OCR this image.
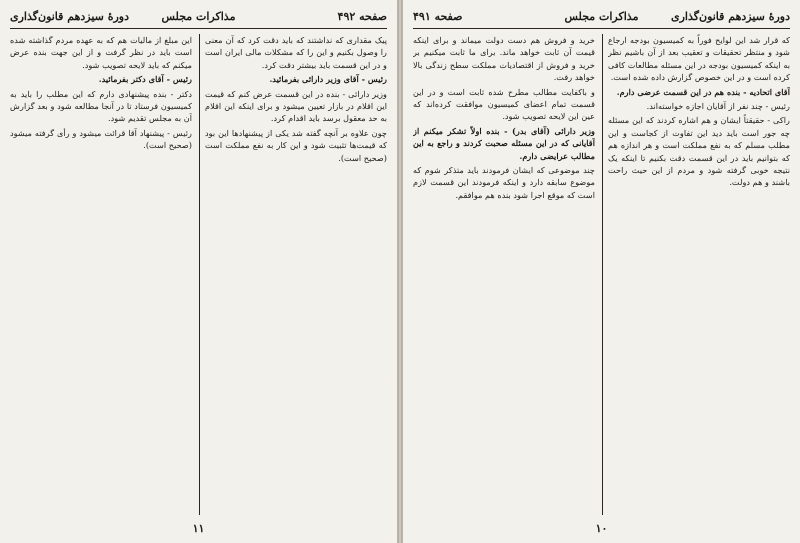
دورهٔ سیزدهم قانون‌گذاری	مذاکرات مجلس	صفحه ۴۹۲

پیک مقداری که نداشتند که باید دقت کرد که آن معنی را وصول بکنیم و این را که مشکلات مالی ایران است و در این قسمت باید بیشتر دقت کرد.

رئیس - آقای وزیر دارائی بفرمائید.

وزیر دارائی - بنده در این قسمت عرض کنم که قیمت این اقلام در بازار تعیین میشود و برای اینکه این اقلام به حد معقول برسد باید اقدام کرد.

چون علاوه بر آنچه گفته شد یکی از پیشنهادها این بود که قیمت‌ها تثبیت شود و این کار به نفع مملکت است (صحیح است).

این مبلغ از مالیات هم که به عهده مردم گذاشته شده است باید در نظر گرفت و از این جهت بنده عرض میکنم که باید لایحه تصویب شود.

رئیس - آقای دکتر بفرمائید.

دکتر - بنده پیشنهادی دارم که این مطلب را باید به کمیسیون فرستاد تا در آنجا مطالعه شود و بعد گزارش آن به مجلس تقدیم شود.

رئیس - پیشنهاد آقا قرائت میشود و رأی گرفته میشود (صحیح است).

۱۱
دورهٔ سیزدهم قانون‌گذاری
مذاکرات مجلس
صفحه ۴۹۱

که قرار شد این لوایح فوراً به کمیسیون بودجه ارجاع شود و منتظر تحقیقات و تعقیب بعد از آن باشیم نظر به اینکه کمیسیون بودجه در این مسئله مطالعات کافی کرده است و در این خصوص گزارش داده شده است.

آقای اتحادیه - بنده هم در این قسمت عرضی دارم.

رئیس - چند نفر از آقایان اجازه خواسته‌اند.

راکی - حقیقتاً ایشان و هم اشاره کردند که این مسئله چه جور است باید دید این تفاوت از کجاست و این مطلب مسلم که به نفع مملکت است و هر اندازه هم که بتوانیم باید در این قسمت دقت بکنیم تا اینکه یک نتیجه خوبی گرفته شود و مردم از این حیث راحت باشند و هم دولت.

خرید و فروش هم دست دولت میماند و برای اینکه قیمت آن ثابت خواهد ماند. برای ما ثابت میکنیم بر خرید و فروش از اقتصادیات مملکت سطح زندگی بالا خواهد رفت.

و باکفایت مطالب مطرح شده ثابت است و در این قسمت تمام اعضای کمیسیون موافقت کرده‌اند که عین این لایحه تصویب شود.

وزیر دارائی (آقای بدر) - بنده اولاً تشکر میکنم از آقایانی که در این مسئله صحبت کردند و راجع به این مطالب عرایضی دارم.

چند موضوعی که ایشان فرمودند باید متذکر شوم که موضوع سابقه دارد و اینکه فرمودند این قسمت لازم است که موقع اجرا شود بنده هم موافقم.

۱۰
